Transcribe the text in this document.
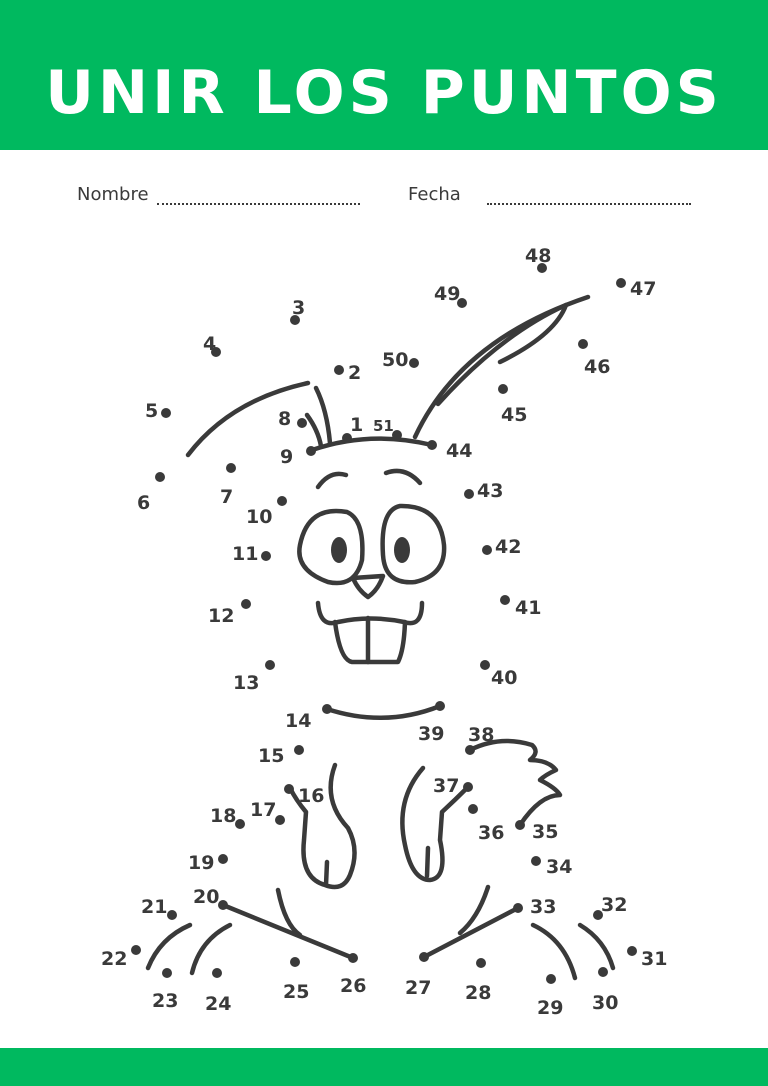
UNIR LOS PUNTOS
Nombre	Fecha
1
2
3
4
5
6	7
8
9
10
11
12
13
14
15
16
17
18
19
20
21
22
23 24
25 26 27 28
29 30
31
32
33
34
35
36
37
38
39
40
41
42
43
44
45
46
47
48
49
50
51
